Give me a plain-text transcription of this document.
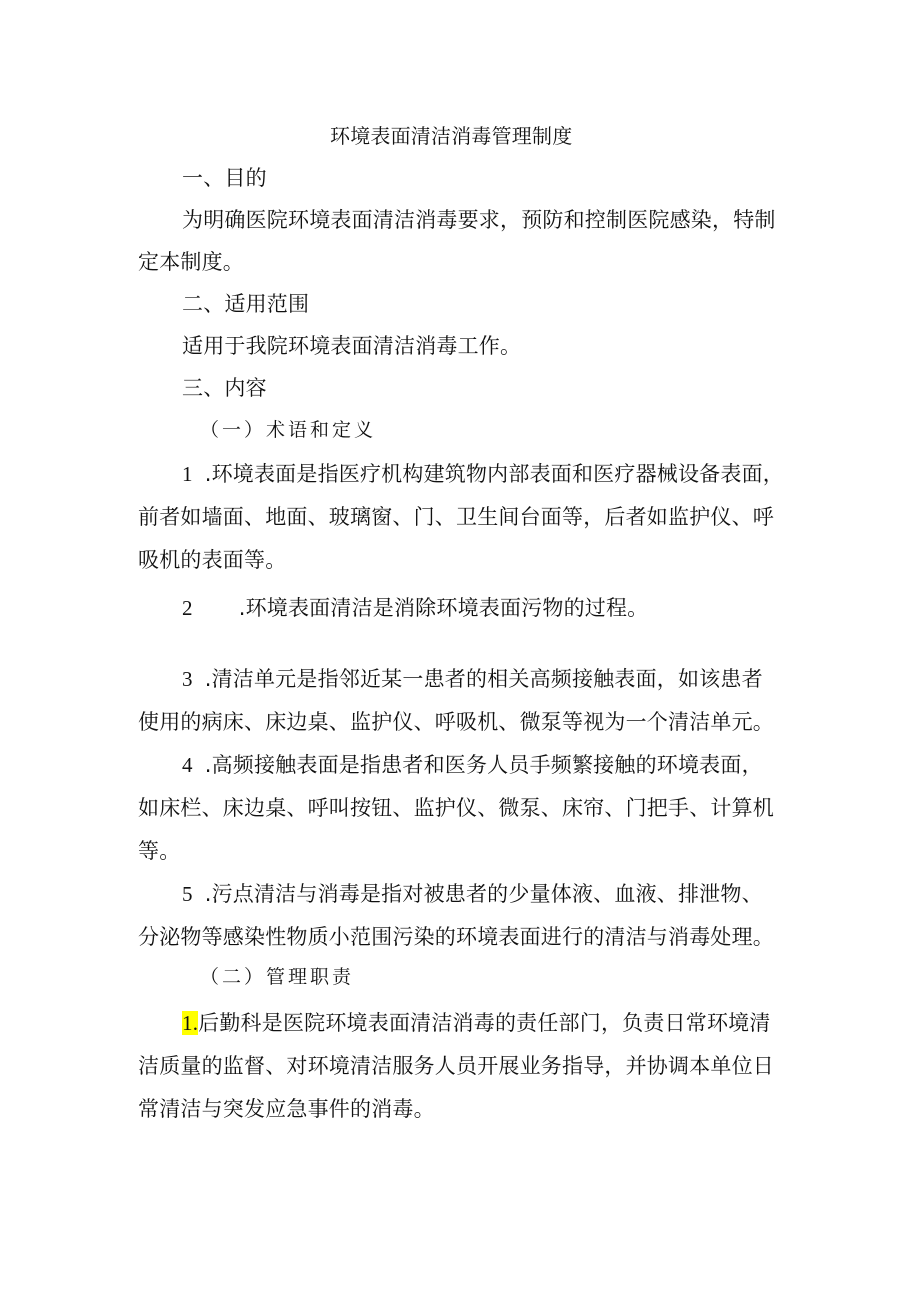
环境表面清洁消毒管理制度
一、目的
为明确医院环境表面清洁消毒要求，预防和控制医院感染，特制
定本制度。
二、适用范围
适用于我院环境表面清洁消毒工作。
三、内容
（一）术语和定义
1 .环境表面是指医疗机构建筑物内部表面和医疗器械设备表面，
前者如墙面、地面、玻璃窗、门、卫生间台面等，后者如监护仪、呼
吸机的表面等。
2 .环境表面清洁是消除环境表面污物的过程。
3 .清洁单元是指邻近某一患者的相关高频接触表面，如该患者
使用的病床、床边桌、监护仪、呼吸机、微泵等视为一个清洁单元。
4 .高频接触表面是指患者和医务人员手频繁接触的环境表面，
如床栏、床边桌、呼叫按钮、监护仪、微泵、床帘、门把手、计算机
等。
5 .污点清洁与消毒是指对被患者的少量体液、血液、排泄物、
分泌物等感染性物质小范围污染的环境表面进行的清洁与消毒处理。
（二）管理职责
1.后勤科是医院环境表面清洁消毒的责任部门，负责日常环境清
洁质量的监督、对环境清洁服务人员开展业务指导，并协调本单位日
常清洁与突发应急事件的消毒。
